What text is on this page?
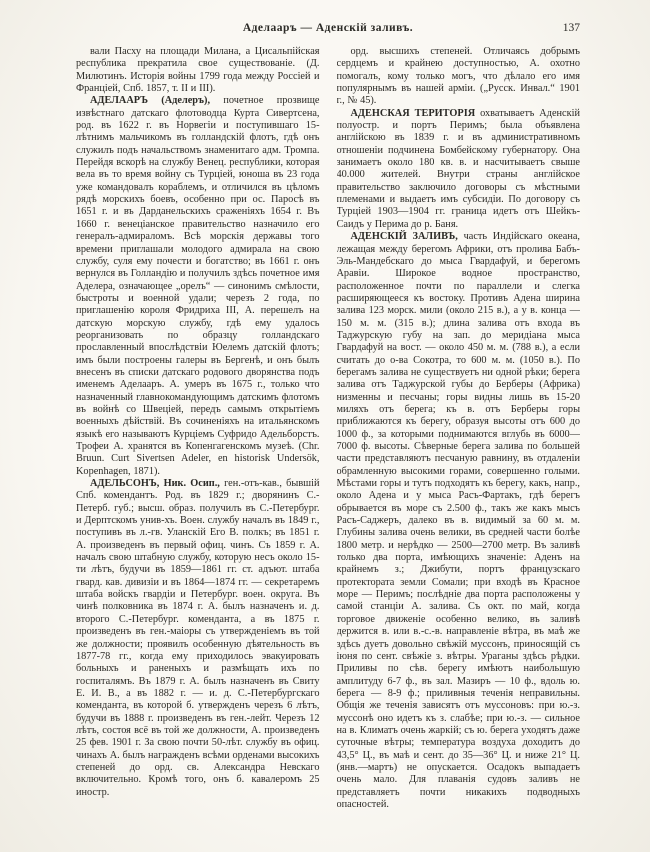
Аделааръ — Аденскій заливъ.	137

вали Пасху на площади Милана, а Цисальпійская республика прекратила свое существованіе. (Д. Милютинъ. Исторія войны 1799 года между Россіей и Франціей, Спб. 1857, т. II и III).

АДЕЛААРЪ (Аделеръ), почетное прозвище извѣстнаго датскаго флотоводца Курта Сивертсена, род. въ 1622 г. въ Норвегіи и поступившаго 15-лѣтнимъ мальчикомъ въ голландскій флотъ, гдѣ онъ служилъ подъ начальствомъ знаменитаго адм. Тромпа. Перейдя вскорѣ на службу Венец. республики, которая вела въ то время войну съ Турціей, юноша въ 23 года уже командовалъ кораблемъ, и отличился въ цѣломъ рядѣ морскихъ боевъ, особенно при ос. Паросѣ въ 1651 г. и въ Дарданельскихъ сраженіяхъ 1654 г. Въ 1660 г. венеціанское правительство назначило его генералъ-адмираломъ. Всѣ морскія державы того времени приглашали молодого адмирала на свою службу, суля ему почести и богатство; въ 1661 г. онъ вернулся въ Голландію и получилъ здѣсь почетное имя Аделера, означающее „орелъ“ — синонимъ смѣлости, быстроты и военной удали; черезъ 2 года, по приглашенію короля Фридриха III, А. перешелъ на датскую морскую службу, гдѣ ему удалось реорганизовать по образцу голландскаго прославленный впослѣдствіи Юелемъ датскій флотъ; имъ были построены галеры въ Бергенѣ, и онъ былъ внесенъ въ списки датскаго родового дворянства подъ именемъ Аделааръ. А. умеръ въ 1675 г., только что назначенный главнокомандующимъ датскимъ флотомъ въ войнѣ со Швеціей, передъ самымъ открытіемъ военныхъ дѣйствій. Въ сочиненіяхъ на итальянскомъ языкѣ его называютъ Курціемъ Суфридо Адельборстъ. Трофеи А. хранятся въ Копенгагенскомъ музеѣ. (Chr. Bruun. Curt Sivertsen Adeler, en historisk Undersök, Kopenhagen, 1871).

АДЕЛЬСОНЪ, Ник. Осип., ген.-отъ-кав., бывшій Спб. комендантъ. Род. въ 1829 г.; дворянинъ С.-Петерб. губ.; высш. образ. получилъ въ С.-Петербург. и Дерптскомъ унив-хъ. Воен. службу началъ въ 1849 г., поступивъ въ л.-гв. Уланскій Его В. полкъ; въ 1851 г. А. произведенъ въ первый офиц. чинъ. Съ 1859 г. А. началъ свою штабную службу, которую несъ около 15-ти лѣтъ, будучи въ 1859—1861 гг. ст. адъют. штаба гвард. кав. дивизіи и въ 1864—1874 гг. — секретаремъ штаба войскъ гвардіи и Петербург. воен. округа. Въ чинѣ полковника въ 1874 г. А. былъ назначенъ и. д. второго С.-Петербург. коменданта, а въ 1875 г. произведенъ въ ген.-маіоры съ утвержденіемъ въ той же должности; проявилъ особенную дѣятельность въ 1877-78 гг., когда ему приходилось эвакуировать больныхъ и раненыхъ и размѣщать ихъ по госпиталямъ. Въ 1879 г. А. былъ назначенъ въ Свиту Е. И. В., а въ 1882 г. — и. д. С.-Петербургскаго коменданта, въ которой б. утвержденъ черезъ 6 лѣтъ, будучи въ 1888 г. произведенъ въ ген.-лейт. Черезъ 12 лѣтъ, состоя всё въ той же должности, А. произведенъ 25 фев. 1901 г. За свою почти 50-лѣт. службу въ офиц. чинахъ А. былъ награжденъ всѣми орденами высокихъ степеней до орд. св. Александра Невскаго включительно. Кромѣ того, онъ б. кавалеромъ 25 иностр.

орд. высшихъ степеней. Отличаясь добрымъ сердцемъ и крайнею доступностью, А. охотно помогалъ, кому только могъ, что дѣлало его имя популярнымъ въ нашей арміи. („Русск. Инвал.“ 1901 г., № 45).

АДЕНСКАЯ ТЕРИТОРІЯ охватываетъ Аденскій полуостр. и портъ Перимъ; была объявлена англійскою въ 1839 г. и въ административномъ отношеніи подчинена Бомбейскому губернатору. Она занимаетъ около 180 кв. в. и насчитываетъ свыше 40.000 жителей. Внутри страны англійское правительство заключило договоры съ мѣстными племенами и выдаетъ имъ субсидіи. По договору съ Турціей 1903—1904 гг. граница идетъ отъ Шейкъ-Саидъ у Перима до р. Баня.

АДЕНСКІЙ ЗАЛИВЪ, часть Индійскаго океана, лежащая между берегомъ Африки, отъ пролива Бабъ-Эль-Мандебскаго до мыса Гвардафуй, и берегомъ Аравіи. Широкое водное пространство, расположенное почти по параллели и слегка расширяющееся къ востоку. Противъ Адена ширина залива 123 морск. мили (около 215 в.), а у в. конца — 150 м. м. (315 в.); длина залива отъ входа въ Таджурскую губу на зап. до меридіана мыса Гвардафуй на вост. — около 450 м. м. (788 в.), а если считать до о-ва Сокотра, то 600 м. м. (1050 в.). По берегамъ залива не существуетъ ни одной рѣки; берега залива отъ Таджурской губы до Берберы (Африка) низменны и песчаны; горы видны лишь въ 15-20 миляхъ отъ берега; къ в. отъ Берберы горы приближаются къ берегу, образуя высоты отъ 600 до 1000 ф., за которыми поднимаются вглубь въ 6000—7000 ф. высоты. Сѣверные берега залива по большей части представляютъ песчаную равнину, въ отдаленіи обрамленную высокими горами, совершенно голыми. Мѣстами горы и тутъ подходятъ къ берегу, какъ, напр., около Адена и у мыса Расъ-Фартакъ, гдѣ берегъ обрывается въ море съ 2.500 ф., такъ же какъ мысъ Расъ-Саджеръ, далеко въ в. видимый за 60 м. м. Глубины залива очень велики, въ средней части болѣе 1800 метр. и нерѣдко — 2500—2700 метр. Въ заливѣ только два порта, имѣющихъ значеніе: Аденъ на крайнемъ з.; Джибути, портъ французскаго протектората земли Сомали; при входѣ въ Красное море — Перимъ; послѣдніе два порта расположены у самой станціи А. залива. Съ окт. по май, когда торговое движеніе особенно велико, въ заливѣ держится в. или в.-с.-в. направленіе вѣтра, въ маѣ же здѣсь дуетъ довольно свѣжій муссонъ, приносящій съ іюня по сент. свѣжіе з. вѣтры. Ураганы здѣсь рѣдки. Приливы по сѣв. берегу имѣютъ наибольшую амплитуду 6-7 ф., въ зал. Мазиръ — 10 ф., вдоль ю. берега — 8-9 ф.; приливныя теченія неправильны. Общія же теченія зависятъ отъ муссоновъ: при ю.-з. муссонѣ оно идетъ къ з. слабѣе; при ю.-з. — сильное на в. Климатъ очень жаркій; съ ю. берега уходятъ даже суточные вѣтры; температура воздуха доходитъ до 43,5° Ц., въ маѣ и сент. до 35—36° Ц. и ниже 21° Ц. (янв.—мартъ) не опускается. Осадокъ выпадаетъ очень мало. Для плаванія судовъ заливъ не представляетъ почти никакихъ подводныхъ опасностей.
